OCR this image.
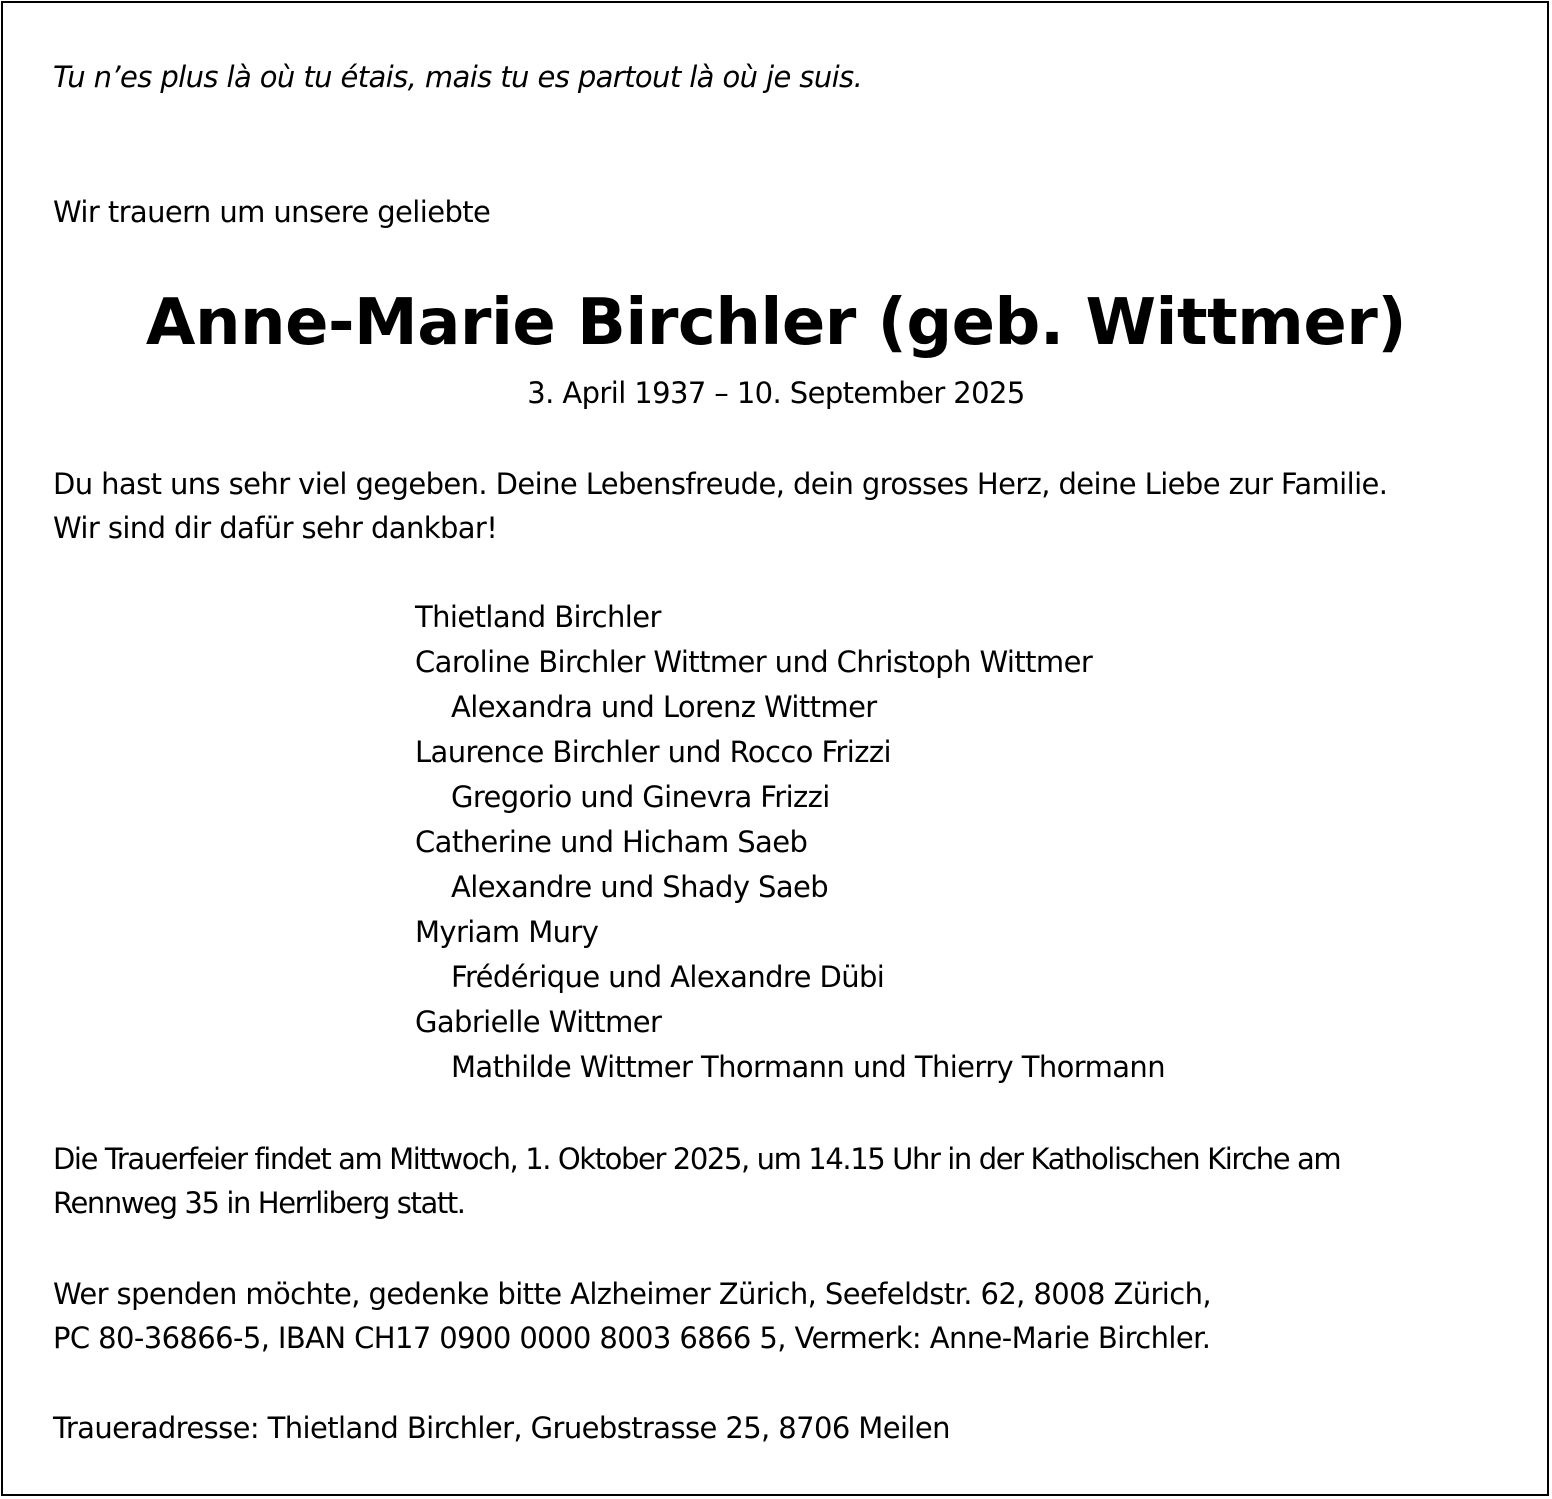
Tu n’es plus là où tu étais, mais tu es partout là où je suis.

Wir trauern um unsere geliebte

Anne-Marie Birchler (geb. Wittmer)

3. April 1937 – 10. September 2025

Du hast uns sehr viel gegeben. Deine Lebensfreude, dein grosses Herz, deine Liebe zur Familie.
Wir sind dir dafür sehr dankbar!
Thietland Birchler
Caroline Birchler Wittmer und Christoph Wittmer
Alexandra und Lorenz Wittmer
Laurence Birchler und Rocco Frizzi
Gregorio und Ginevra Frizzi
Catherine und Hicham Saeb
Alexandre und Shady Saeb
Myriam Mury
Frédérique und Alexandre Dübi
Gabrielle Wittmer
Mathilde Wittmer Thormann und Thierry Thormann
Die Trauerfeier findet am Mittwoch, 1. Oktober 2025, um 14.15 Uhr in der Katholischen Kirche am
Rennweg 35 in Herrliberg statt.
Wer spenden möchte, gedenke bitte Alzheimer Zürich, Seefeldstr. 62, 8008 Zürich,
PC 80-36866-5, IBAN CH17 0900 0000 8003 6866 5, Vermerk: Anne-Marie Birchler.

Traueradresse: Thietland Birchler, Gruebstrasse 25, 8706 Meilen
